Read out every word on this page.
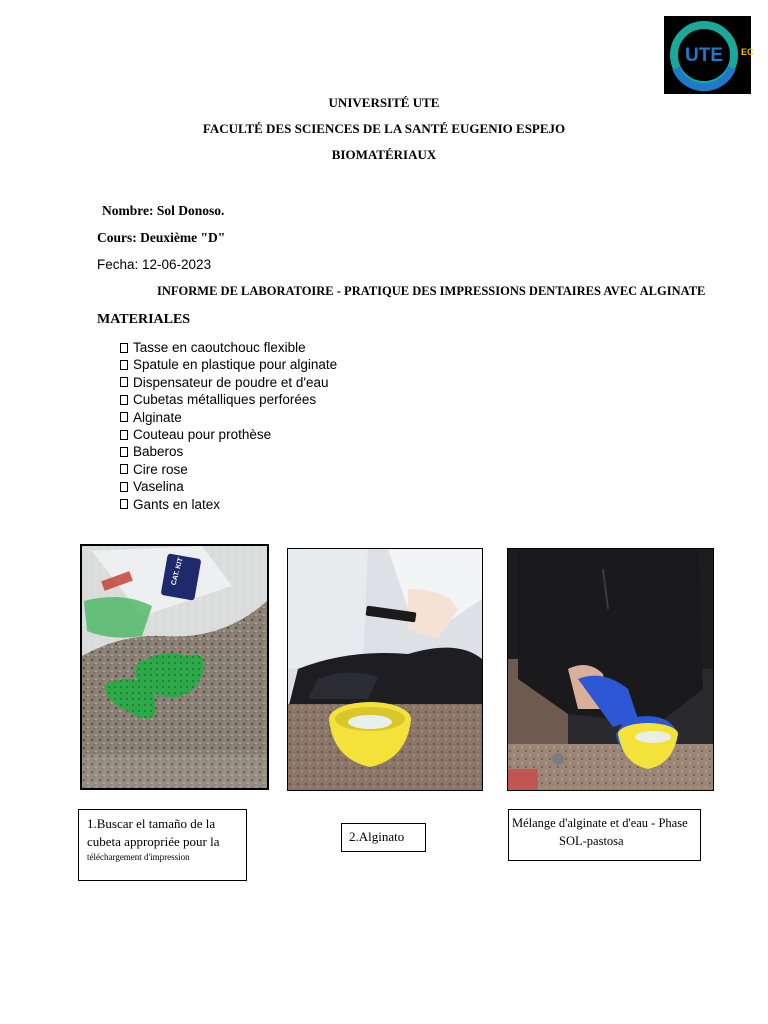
UTE EC
UNIVERSITÉ UTE
FACULTÉ DES SCIENCES DE LA SANTÉ EUGENIO ESPEJO
BIOMATÉRIAUX
Nombre: Sol Donoso.
Cours: Deuxième "D"
Fecha: 12-06-2023
INFORME DE LABORATOIRE - PRATIQUE DES IMPRESSIONS DENTAIRES AVEC ALGINATE
MATERIALES
Tasse en caoutchouc flexible
Spatule en plastique pour alginate
Dispensateur de poudre et d'eau
Cubetas métalliques perforées
Alginate
Couteau pour prothèse
Baberos
Cire rose
Vaselina
Gants en latex
CAT. KIT
1.Buscar el tamaño de la
cubeta appropriée pour la
téléchargement d'impression
2.Alginato
Mélange d'alginate et d'eau - Phase
SOL-pastosa
